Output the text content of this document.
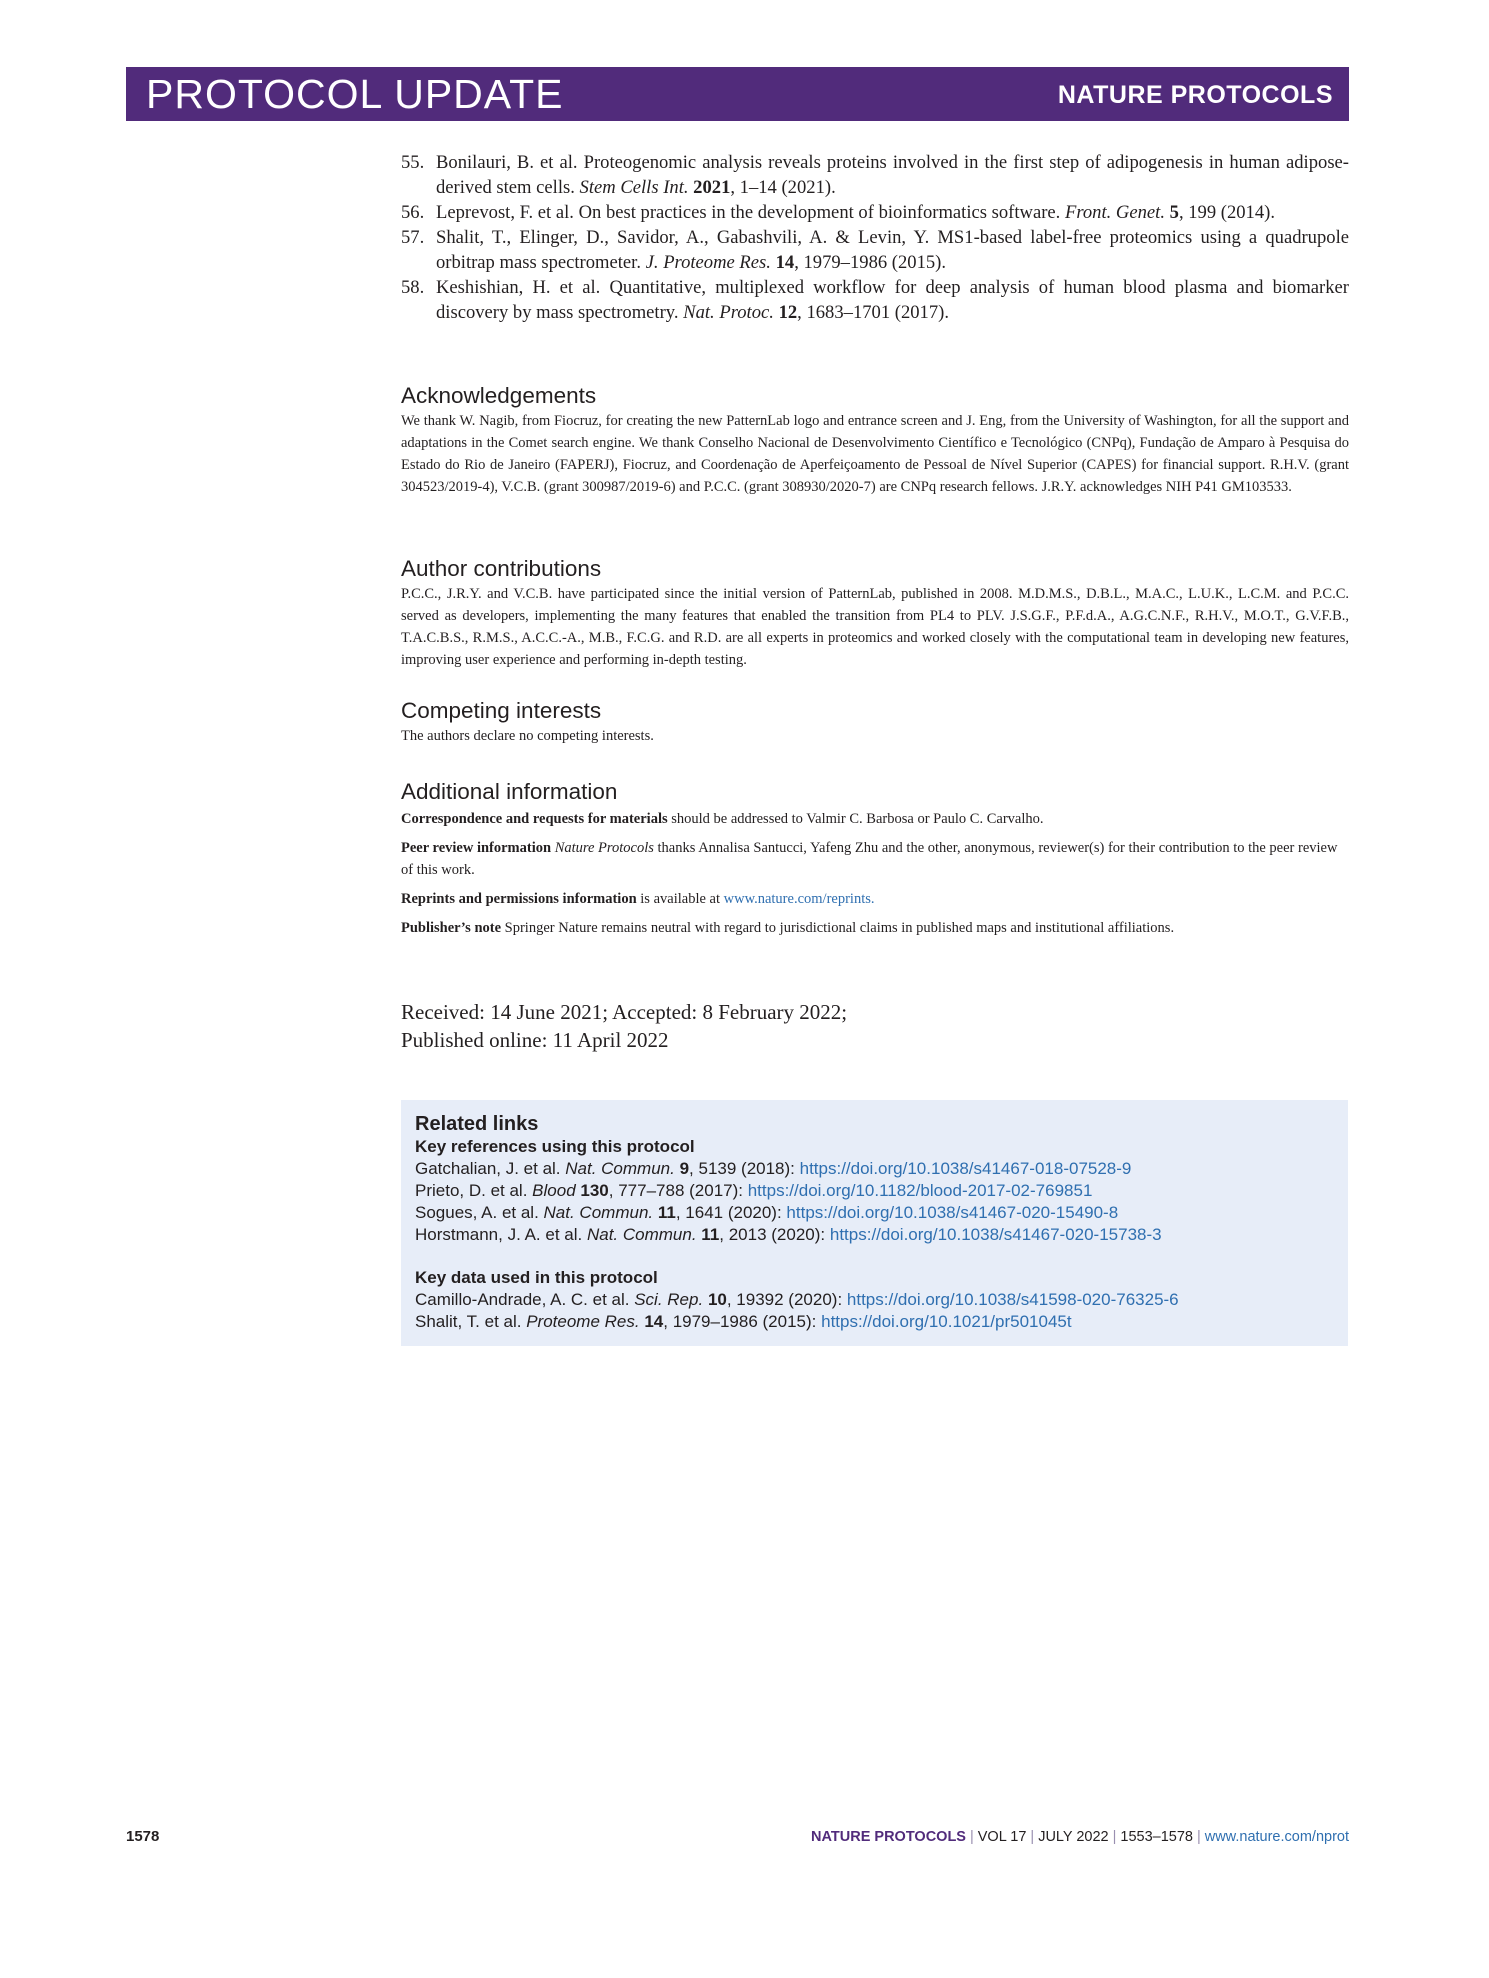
PROTOCOL UPDATE	NATURE PROTOCOLS
55. Bonilauri, B. et al. Proteogenomic analysis reveals proteins involved in the first step of adipogenesis in human adipose-derived stem cells. Stem Cells Int. 2021, 1–14 (2021).
56. Leprevost, F. et al. On best practices in the development of bioinformatics software. Front. Genet. 5, 199 (2014).
57. Shalit, T., Elinger, D., Savidor, A., Gabashvili, A. & Levin, Y. MS1-based label-free proteomics using a quadrupole orbitrap mass spectrometer. J. Proteome Res. 14, 1979–1986 (2015).
58. Keshishian, H. et al. Quantitative, multiplexed workflow for deep analysis of human blood plasma and biomarker discovery by mass spectrometry. Nat. Protoc. 12, 1683–1701 (2017).
Acknowledgements

We thank W. Nagib, from Fiocruz, for creating the new PatternLab logo and entrance screen and J. Eng, from the University of Washington, for all the support and adaptations in the Comet search engine. We thank Conselho Nacional de Desenvolvimento Científico e Tecnológico (CNPq), Fundação de Amparo à Pesquisa do Estado do Rio de Janeiro (FAPERJ), Fiocruz, and Coordenação de Aperfeiçoamento de Pessoal de Nível Superior (CAPES) for financial support. R.H.V. (grant 304523/2019-4), V.C.B. (grant 300987/2019-6) and P.C.C. (grant 308930/2020-7) are CNPq research fellows. J.R.Y. acknowledges NIH P41 GM103533.

Author contributions

P.C.C., J.R.Y. and V.C.B. have participated since the initial version of PatternLab, published in 2008. M.D.M.S., D.B.L., M.A.C., L.U.K., L.C.M. and P.C.C. served as developers, implementing the many features that enabled the transition from PL4 to PLV. J.S.G.F., P.F.d.A., A.G.C.N.F., R.H.V., M.O.T., G.V.F.B., T.A.C.B.S., R.M.S., A.C.C.-A., M.B., F.C.G. and R.D. are all experts in proteomics and worked closely with the computational team in developing new features, improving user experience and performing in-depth testing.

Competing interests

The authors declare no competing interests.

Additional information

Correspondence and requests for materials should be addressed to Valmir C. Barbosa or Paulo C. Carvalho.

Peer review information Nature Protocols thanks Annalisa Santucci, Yafeng Zhu and the other, anonymous, reviewer(s) for their contribution to the peer review of this work.

Reprints and permissions information is available at www.nature.com/reprints.

Publisher’s note Springer Nature remains neutral with regard to jurisdictional claims in published maps and institutional affiliations.

Received: 14 June 2021; Accepted: 8 February 2022;
Published online: 11 April 2022
Related links
Key references using this protocol
Gatchalian, J. et al. Nat. Commun. 9, 5139 (2018): https://doi.org/10.1038/s41467-018-07528-9
Prieto, D. et al. Blood 130, 777–788 (2017): https://doi.org/10.1182/blood-2017-02-769851
Sogues, A. et al. Nat. Commun. 11, 1641 (2020): https://doi.org/10.1038/s41467-020-15490-8
Horstmann, J. A. et al. Nat. Commun. 11, 2013 (2020): https://doi.org/10.1038/s41467-020-15738-3
Key data used in this protocol
Camillo-Andrade, A. C. et al. Sci. Rep. 10, 19392 (2020): https://doi.org/10.1038/s41598-020-76325-6
Shalit, T. et al. Proteome Res. 14, 1979–1986 (2015): https://doi.org/10.1021/pr501045t
1578	NATURE PROTOCOLS | VOL 17 | JULY 2022 | 1553–1578 | www.nature.com/nprot
